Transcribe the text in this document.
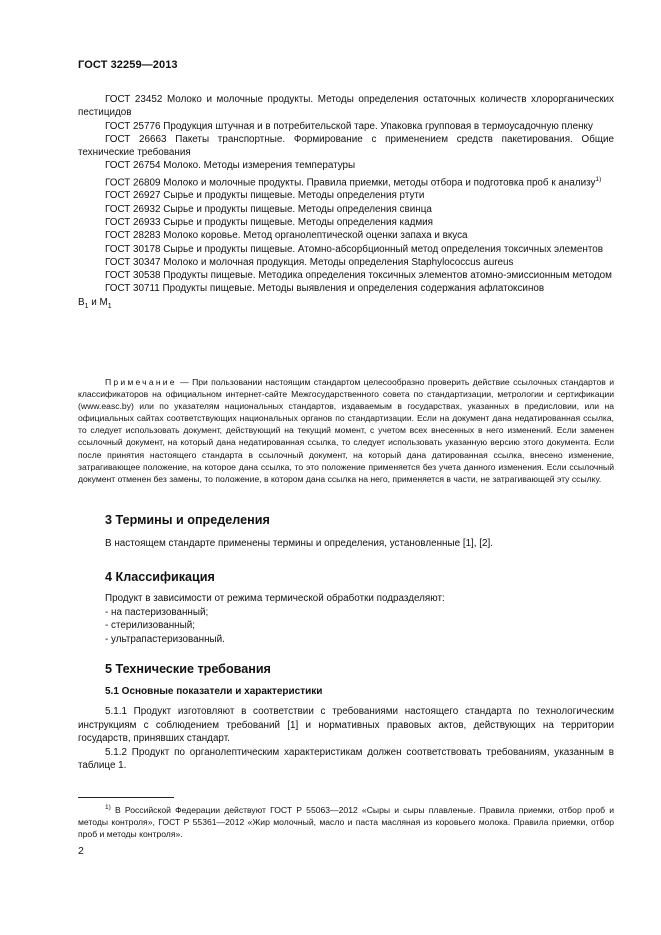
ГОСТ 32259—2013

ГОСТ 23452 Молоко и молочные продукты. Методы определения остаточных количеств хлорорганических пестицидов

ГОСТ 25776 Продукция штучная и в потребительской таре. Упаковка групповая в термоусадочную пленку

ГОСТ 26663 Пакеты транспортные. Формирование с применением средств пакетирования. Общие технические требования

ГОСТ 26754 Молоко. Методы измерения температуры

ГОСТ 26809 Молоко и молочные продукты. Правила приемки, методы отбора и подготовка проб к анализу$^{1)}$

ГОСТ 26927 Сырье и продукты пищевые. Методы определения ртути

ГОСТ 26932 Сырье и продукты пищевые. Методы определения свинца

ГОСТ 26933 Сырье и продукты пищевые. Методы определения кадмия

ГОСТ 28283 Молоко коровье. Метод органолептической оценки запаха и вкуса

ГОСТ 30178 Сырье и продукты пищевые. Атомно-абсорбционный метод определения токсичных элементов

ГОСТ 30347 Молоко и молочная продукция. Методы определения Staphylococcus aureus

ГОСТ 30538 Продукты пищевые. Методика определения токсичных элементов атомно-эмиссионным методом

ГОСТ 30711 Продукты пищевые. Методы выявления и определения содержания афлатоксинов

$В_1$ и $М_1$

Примечание — При пользовании настоящим стандартом целесообразно проверить действие ссылочных стандартов и классификаторов на официальном интернет-сайте Межгосударственного совета по стандартизации, метрологии и сертификации (www.easc.by) или по указателям национальных стандартов, издаваемым в государствах, указанных в предисловии, или на официальных сайтах соответствующих национальных органов по стандартизации. Если на документ дана недатированная ссылка, то следует использовать документ, действующий на текущий момент, с учетом всех внесенных в него изменений. Если заменен ссылочный документ, на который дана недатированная ссылка, то следует использовать указанную версию этого документа. Если после принятия настоящего стандарта в ссылочный документ, на который дана датированная ссылка, внесено изменение, затрагивающее положение, на которое дана ссылка, то это положение применяется без учета данного изменения. Если ссылочный документ отменен без замены, то положение, в котором дана ссылка на него, применяется в части, не затрагивающей эту ссылку.

3 Термины и определения

В настоящем стандарте применены термины и определения, установленные [1], [2].

4 Классификация

Продукт в зависимости от режима термической обработки подразделяют:

- на пастеризованный;

- стерилизованный;

- ультрапастеризованный.

5 Технические требования
5.1 Основные показатели и характеристики

5.1.1 Продукт изготовляют в соответствии с требованиями настоящего стандарта по технологическим инструкциям с соблюдением требований [1] и нормативных правовых актов, действующих на территории государств, принявших стандарт.

5.1.2 Продукт по органолептическим характеристикам должен соответствовать требованиям, указанным в таблице 1.

$^{1)}$ В Российской Федерации действуют ГОСТ Р 55063—2012 «Сыры и сыры плавленые. Правила приемки, отбор проб и методы контроля», ГОСТ Р 55361—2012 «Жир молочный, масло и паста масляная из коровьего молока. Правила приемки, отбор проб и методы контроля».

2
